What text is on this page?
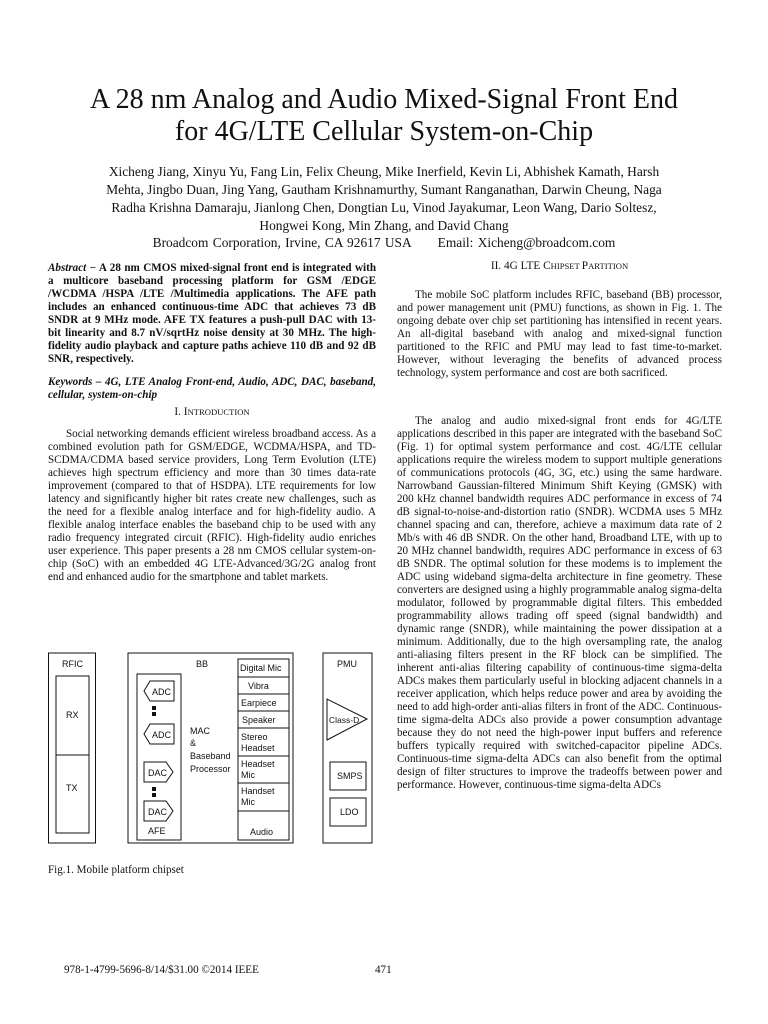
A 28 nm Analog and Audio Mixed-Signal Front End
for 4G/LTE Cellular System-on-Chip
Xicheng Jiang, Xinyu Yu, Fang Lin, Felix Cheung, Mike Inerfield, Kevin Li, Abhishek Kamath, Harsh
Mehta, Jingbo Duan, Jing Yang, Gautham Krishnamurthy, Sumant Ranganathan, Darwin Cheung, Naga
Radha Krishna Damaraju, Jianlong Chen, Dongtian Lu, Vinod Jayakumar, Leon Wang, Dario Soltesz,
Hongwei Kong, Min Zhang, and David Chang
Broadcom Corporation, Irvine, CA 92617 USA Email: Xicheng@broadcom.com

Abstract − A 28 nm CMOS mixed-signal front end is integrated with a multicore baseband processing platform for GSM /EDGE /WCDMA /HSPA /LTE /Multimedia applications. The AFE path includes an enhanced continuous-time ADC that achieves 73 dB SNDR at 9 MHz mode. AFE TX features a push-pull DAC with 13-bit linearity and 8.7 nV/sqrtHz noise density at 30 MHz. The high-fidelity audio playback and capture paths achieve 110 dB and 92 dB SNR, respectively.

Keywords – 4G, LTE Analog Front-end, Audio, ADC, DAC, baseband, cellular, system-on-chip

I. INTRODUCTION

Social networking demands efficient wireless broadband access. As a combined evolution path for GSM/EDGE, WCDMA/HSPA, and TD-SCDMA/CDMA based service providers, Long Term Evolution (LTE) achieves high spectrum efficiency and more than 30 times data-rate improvement (compared to that of HSDPA). LTE requirements for low latency and significantly higher bit rates create new challenges, such as the need for a flexible analog interface and for high-fidelity audio. A flexible analog interface enables the baseband chip to be used with any radio frequency integrated circuit (RFIC). High-fidelity audio enriches user experience. This paper presents a 28 nm CMOS cellular system-on-chip (SoC) with an embedded 4G LTE-Advanced/3G/2G analog front end and enhanced audio for the smartphone and tablet markets.

RFIC
RX
TX
BB
ADC
ADC
DAC
DAC
AFE
MAC
&
Baseband
Processor
Digital Mic
Vibra
Earpiece
Speaker
Stereo
Headset
Headset
Mic
Handset
Mic
Audio
PMU
Class-D
SMPS
LDO
Fig.1. Mobile platform chipset
II. 4G LTE CHIPSET PARTITION

The mobile SoC platform includes RFIC, baseband (BB) processor, and power management unit (PMU) functions, as shown in Fig. 1. The ongoing debate over chip set partitioning has intensified in recent years. An all-digital baseband with analog and mixed-signal function partitioned to the RFIC and PMU may lead to fast time-to-market. However, without leveraging the benefits of advanced process technology, system performance and cost are both sacrificed.

The analog and audio mixed-signal front ends for 4G/LTE applications described in this paper are integrated with the baseband SoC (Fig. 1) for optimal system performance and cost. 4G/LTE cellular applications require the wireless modem to support multiple generations of communications protocols (4G, 3G, etc.) using the same hardware. Narrowband Gaussian-filtered Minimum Shift Keying (GMSK) with 200 kHz channel bandwidth requires ADC performance in excess of 74 dB signal-to-noise-and-distortion ratio (SNDR). WCDMA uses 5 MHz channel spacing and can, therefore, achieve a maximum data rate of 2 Mb/s with 46 dB SNDR. On the other hand, Broadband LTE, with up to 20 MHz channel bandwidth, requires ADC performance in excess of 63 dB SNDR. The optimal solution for these modems is to implement the ADC using wideband sigma-delta architecture in fine geometry. These converters are designed using a highly programmable analog sigma-delta modulator, followed by programmable digital filters. This embedded programmability allows trading off speed (signal bandwidth) and dynamic range (SNDR), while maintaining the power dissipation at a minimum. Additionally, due to the high oversampling rate, the analog anti-aliasing filters present in the RF block can be simplified. The inherent anti-alias filtering capability of continuous-time sigma-delta ADCs makes them particularly useful in blocking adjacent channels in a receiver application, which helps reduce power and area by avoiding the need to add high-order anti-alias filters in front of the ADC. Continuous-time sigma-delta ADCs also provide a power consumption advantage because they do not need the high-power input buffers and reference buffers typically required with switched-capacitor pipeline ADCs. Continuous-time sigma-delta ADCs can also benefit from the optimal design of filter structures to improve the tradeoffs between power and performance. However, continuous-time sigma-delta ADCs

978-1-4799-5696-8/14/$31.00 ©2014 IEEE	471
